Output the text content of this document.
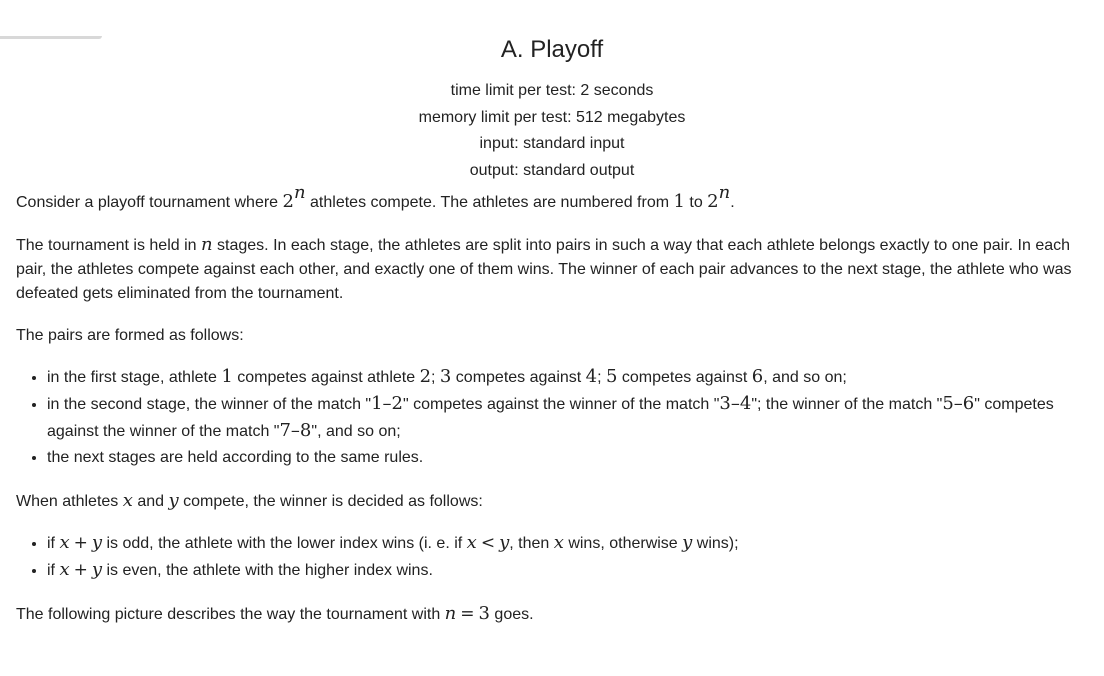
A. Playoff
time limit per test: 2 seconds
memory limit per test: 512 megabytes
input: standard input
output: standard output

Consider a playoff tournament where 2$^n$ athletes compete. The athletes are numbered from 1 to 2$^n$.

The tournament is held in n stages. In each stage, the athletes are split into pairs in such a way that each athlete belongs exactly to one pair. In each pair, the athletes compete against each other, and exactly one of them wins. The winner of each pair advances to the next stage, the athlete who was defeated gets eliminated from the tournament.

The pairs are formed as follows:

• in the first stage, athlete 1 competes against athlete 2; 3 competes against 4; 5 competes against 6, and so on;
• in the second stage, the winner of the match "1–2" competes against the winner of the match "3–4"; the winner of the match "5–6" competes against the winner of the match "7–8", and so on;
• the next stages are held according to the same rules.

When athletes x and y compete, the winner is decided as follows:

• if x + y is odd, the athlete with the lower index wins (i. e. if x < y, then x wins, otherwise y wins);
• if x + y is even, the athlete with the higher index wins.

The following picture describes the way the tournament with n = 3 goes.
